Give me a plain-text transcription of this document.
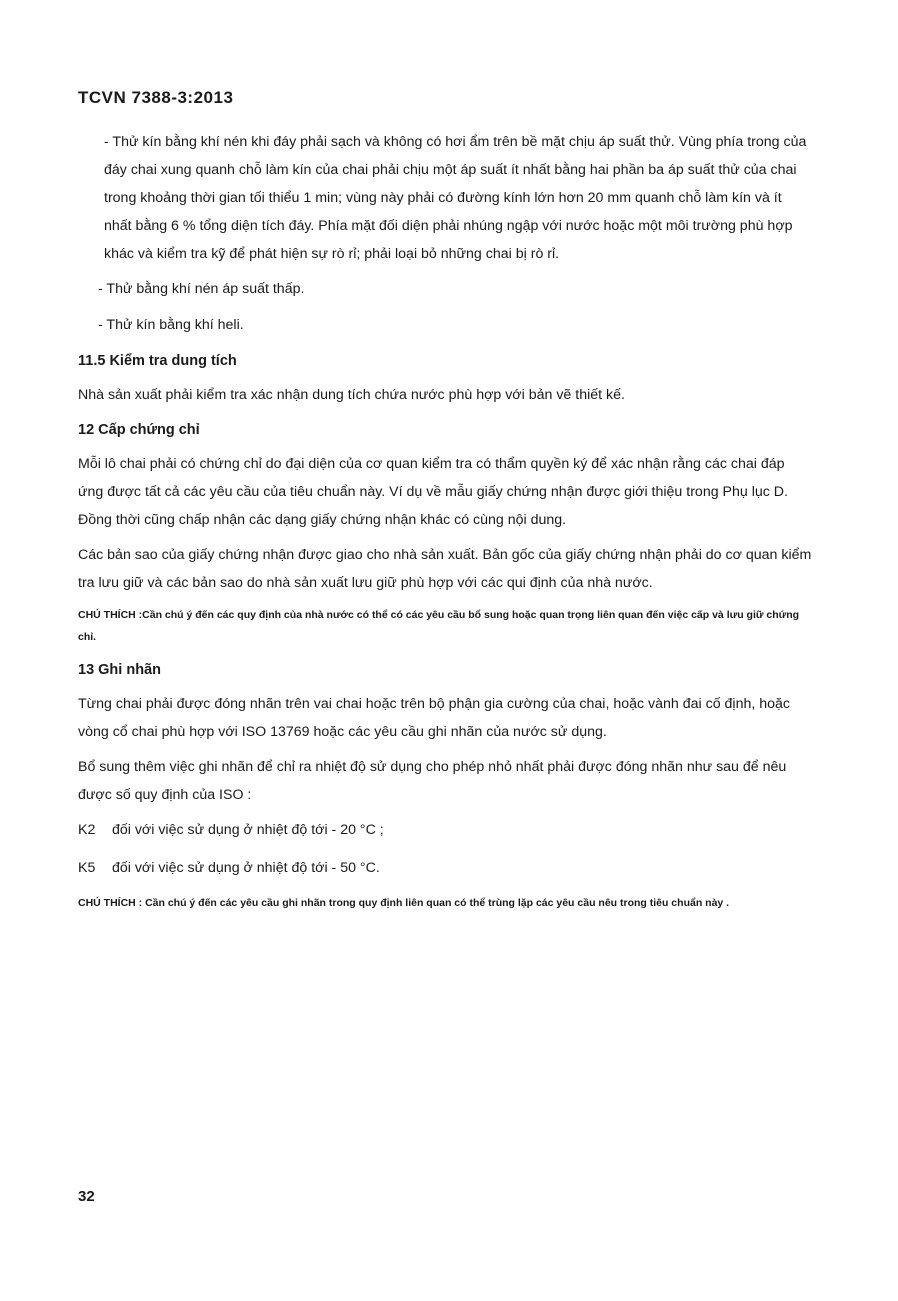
TCVN 7388-3:2013

- Thử kín bằng khí nén khi đáy phải sạch và không có hơi ẩm trên bề mặt chịu áp suất thử. Vùng phía trong của đáy chai xung quanh chỗ làm kín của chai phải chịu một áp suất ít nhất bằng hai phần ba áp suất thử của chai trong khoảng thời gian tối thiểu 1 min; vùng này phải có đường kính lớn hơn 20 mm quanh chỗ làm kín và ít nhất bằng 6 % tổng diện tích đáy. Phía mặt đối diện phải nhúng ngập với nước hoặc một môi trường phù hợp khác và kiểm tra kỹ để phát hiện sự rò rỉ; phải loại bỏ những chai bị rò rỉ.

- Thử bằng khí nén áp suất thấp.

- Thử kín bằng khí heli.

11.5 Kiểm tra dung tích

Nhà sản xuất phải kiểm tra xác nhận dung tích chứa nước phù hợp với bản vẽ thiết kế.

12 Cấp chứng chỉ

Mỗi lô chai phải có chứng chỉ do đại diện của cơ quan kiểm tra có thẩm quyền ký để xác nhận rằng các chai đáp ứng được tất cả các yêu cầu của tiêu chuẩn này. Ví dụ về mẫu giấy chứng nhận được giới thiệu trong Phụ lục D. Đồng thời cũng chấp nhận các dạng giấy chứng nhận khác có cùng nội dung.

Các bản sao của giấy chứng nhận được giao cho nhà sản xuất. Bản gốc của giấy chứng nhận phải do cơ quan kiểm tra lưu giữ và các bản sao do nhà sản xuất lưu giữ phù hợp với các qui định của nhà nước.

CHÚ THÍCH :Cần chú ý đến các quy định của nhà nước có thể có các yêu cầu bổ sung hoặc quan trọng liên quan đến việc cấp và lưu giữ chứng chỉ.

13 Ghi nhãn

Từng chai phải được đóng nhãn trên vai chai hoặc trên bộ phận gia cường của chai, hoặc vành đai cố định, hoặc vòng cổ chai phù hợp với ISO 13769 hoặc các yêu cầu ghi nhãn của nước sử dụng.

Bổ sung thêm việc ghi nhãn để chỉ ra nhiệt độ sử dụng cho phép nhỏ nhất phải được đóng nhãn như sau để nêu được số quy định của ISO :

K2 đối với việc sử dụng ở nhiệt độ tới - 20 °C ;

K5 đối với việc sử dụng ở nhiệt độ tới - 50 °C.

CHÚ THÍCH : Cần chú ý đến các yêu cầu ghi nhãn trong quy định liên quan có thể trùng lặp các yêu cầu nêu trong tiêu chuẩn này .

32
